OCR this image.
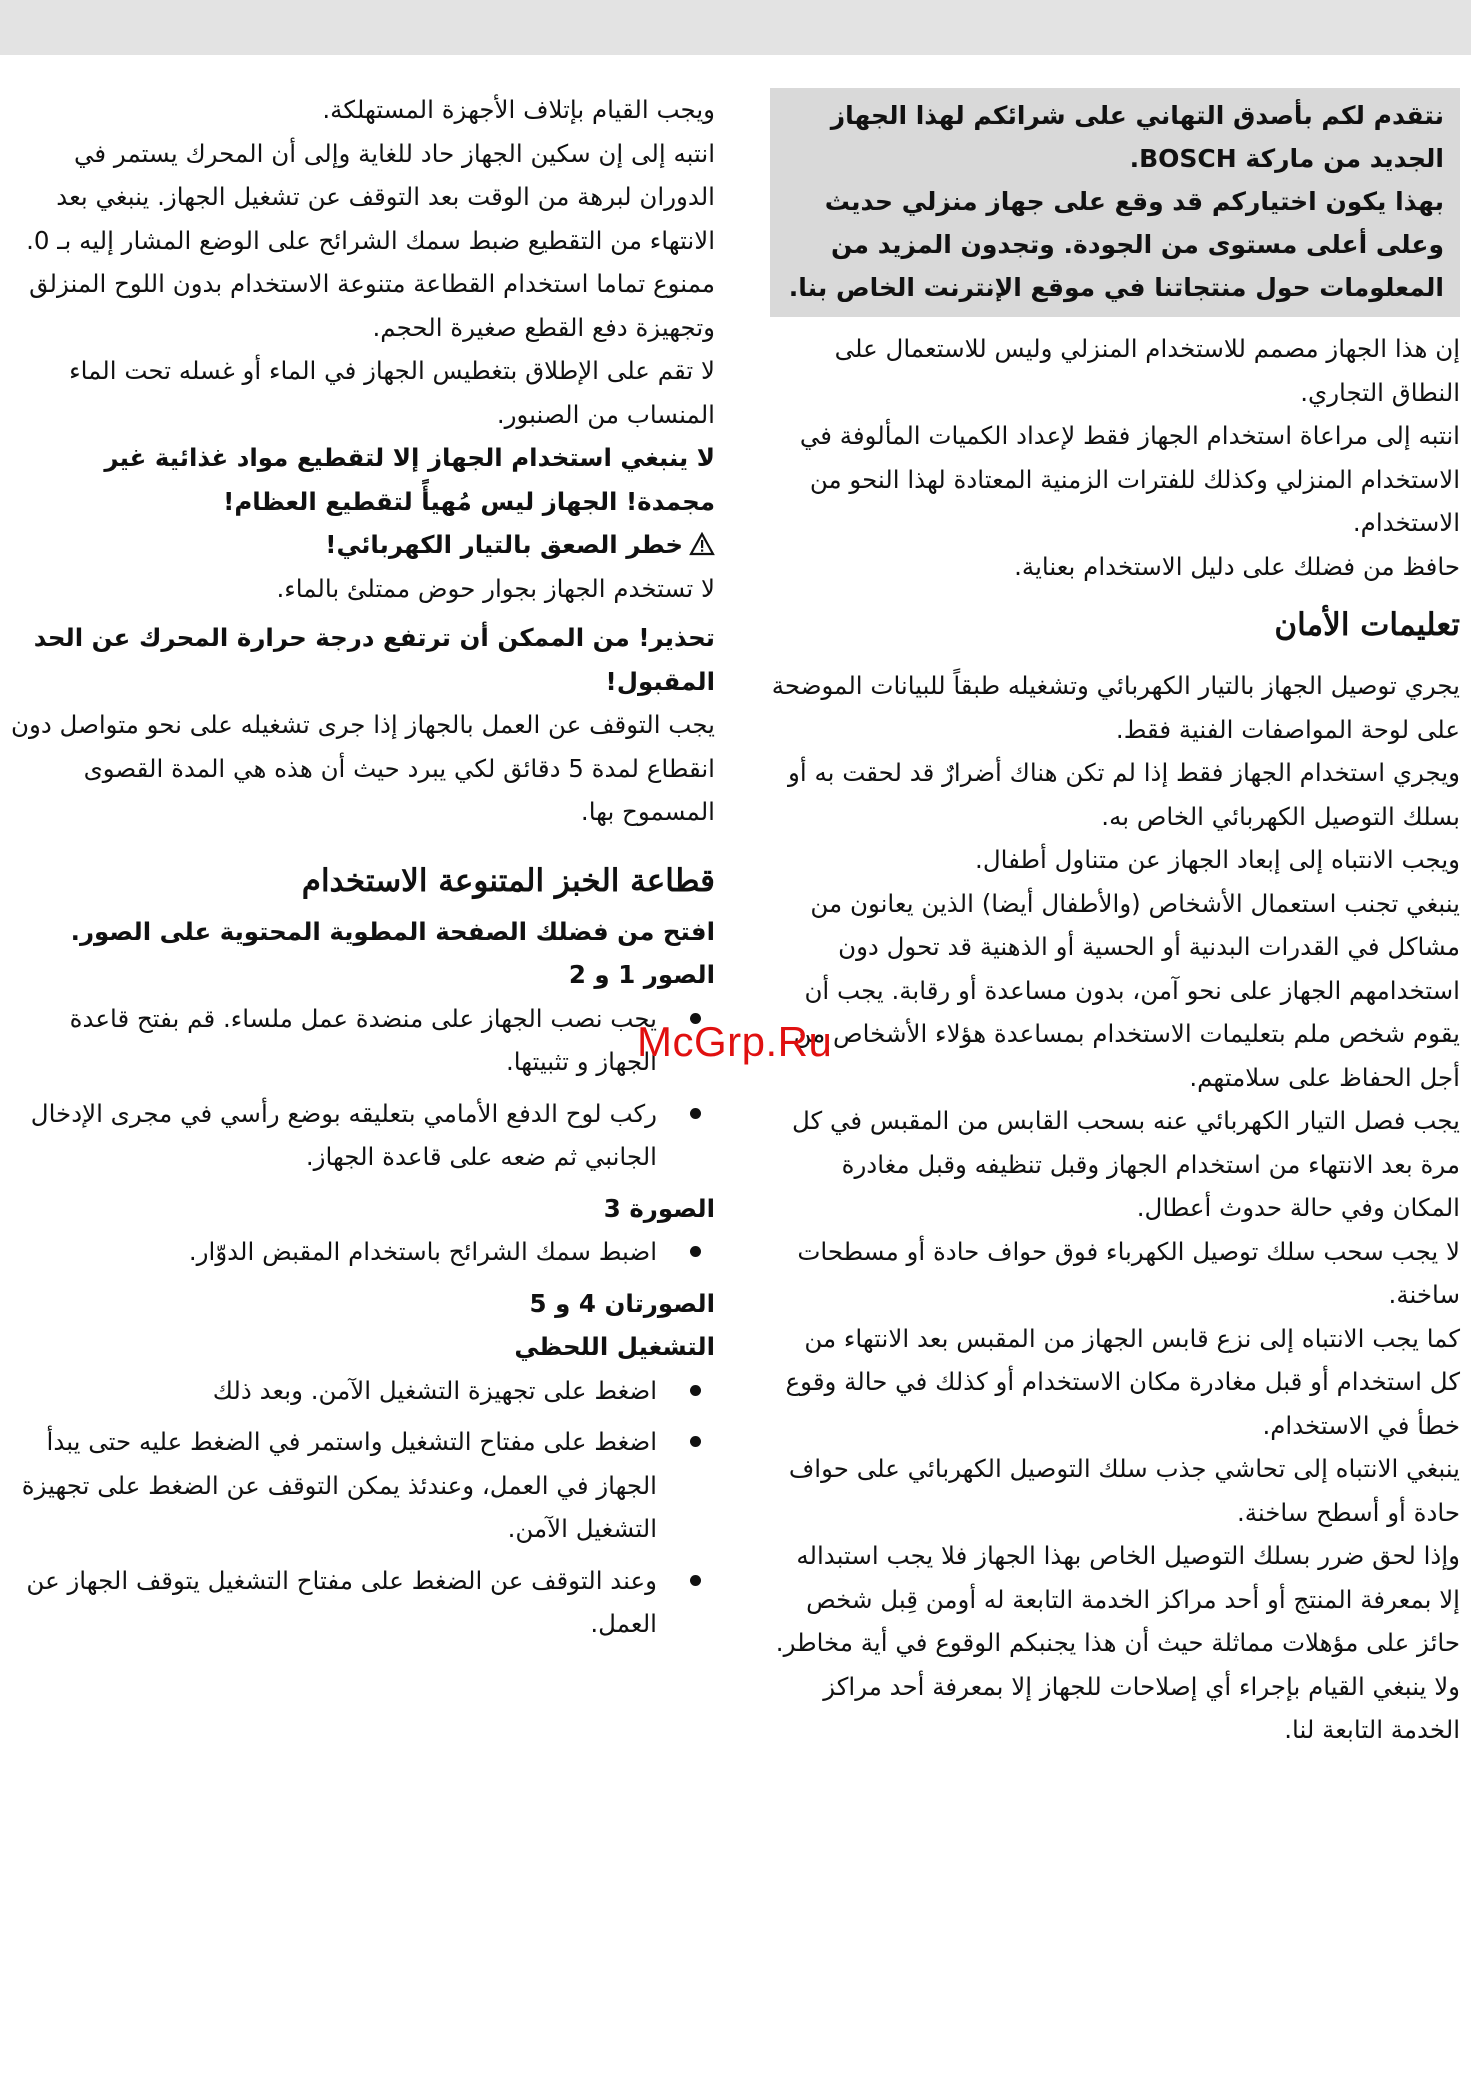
نتقدم لكم بأصدق التهاني على شرائكم لهذا الجهاز الجديد من ماركة BOSCH.

بهذا يكون اختياركم قد وقع على جهاز منزلي حديث وعلى أعلى مستوى من الجودة. وتجدون المزيد من المعلومات حول منتجاتنا في موقع الإنترنت الخاص بنا.

إن هذا الجهاز مصمم للاستخدام المنزلي وليس للاستعمال على النطاق التجاري.

انتبه إلى مراعاة استخدام الجهاز فقط لإعداد الكميات المألوفة في الاستخدام المنزلي وكذلك للفترات الزمنية المعتادة لهذا النحو من الاستخدام.

حافظ من فضلك على دليل الاستخدام بعناية.

تعليمات الأمان

يجري توصيل الجهاز بالتيار الكهربائي وتشغيله طبقاً للبيانات الموضحة على لوحة المواصفات الفنية فقط.

ويجري استخدام الجهاز فقط إذا لم تكن هناك أضرارٌ قد لحقت به أو بسلك التوصيل الكهربائي الخاص به.

ويجب الانتباه إلى إبعاد الجهاز عن متناول أطفال.

ينبغي تجنب استعمال الأشخاص (والأطفال أيضا) الذين يعانون من مشاكل في القدرات البدنية أو الحسية أو الذهنية قد تحول دون استخدامهم الجهاز على نحو آمن، بدون مساعدة أو رقابة. يجب أن يقوم شخص ملم بتعليمات الاستخدام بمساعدة هؤلاء الأشخاص من أجل الحفاظ على سلامتهم.

يجب فصل التيار الكهربائي عنه بسحب القابس من المقبس في كل مرة بعد الانتهاء من استخدام الجهاز وقبل تنظيفه وقبل مغادرة المكان وفي حالة حدوث أعطال.

لا يجب سحب سلك توصيل الكهرباء فوق حواف حادة أو مسطحات ساخنة.

كما يجب الانتباه إلى نزع قابس الجهاز من المقبس بعد الانتهاء من كل استخدام أو قبل مغادرة مكان الاستخدام أو كذلك في حالة وقوع خطأ في الاستخدام.

ينبغي الانتباه إلى تحاشي جذب سلك التوصيل الكهربائي على حواف حادة أو أسطح ساخنة.

وإذا لحق ضرر بسلك التوصيل الخاص بهذا الجهاز فلا يجب استبداله إلا بمعرفة المنتج أو أحد مراكز الخدمة التابعة له أومن قِبل شخص حائز على مؤهلات مماثلة حيث أن هذا يجنبكم الوقوع في أية مخاطر. ولا ينبغي القيام بإجراء أي إصلاحات للجهاز إلا بمعرفة أحد مراكز الخدمة التابعة لنا.

ويجب القيام بإتلاف الأجهزة المستهلكة.

انتبه إلى إن سكين الجهاز حاد للغاية وإلى أن المحرك يستمر في الدوران لبرهة من الوقت بعد التوقف عن تشغيل الجهاز. ينبغي بعد الانتهاء من التقطيع ضبط سمك الشرائح على الوضع المشار إليه بـ 0.

ممنوع تماما استخدام القطاعة متنوعة الاستخدام بدون اللوح المنزلق وتجهيزة دفع القطع صغيرة الحجم.

لا تقم على الإطلاق بتغطيس الجهاز في الماء أو غسله تحت الماء المنساب من الصنبور.

لا ينبغي استخدام الجهاز إلا لتقطيع مواد غذائية غير مجمدة! الجهاز ليس مُهيأً لتقطيع العظام!

خطر الصعق بالتيار الكهربائي!

لا تستخدم الجهاز بجوار حوض ممتلئ بالماء.

تحذير! من الممكن أن ترتفع درجة حرارة المحرك عن الحد المقبول!

يجب التوقف عن العمل بالجهاز إذا جرى تشغيله على نحو متواصل دون انقطاع لمدة 5 دقائق لكي يبرد حيث أن هذه هي المدة القصوى المسموح بها.

قطاعة الخبز المتنوعة الاستخدام

افتح من فضلك الصفحة المطوية المحتوية على الصور.

الصور 1 و 2

يجب نصب الجهاز على منضدة عمل ملساء. قم بفتح قاعدة الجهاز و تثبيتها.
ركب لوح الدفع الأمامي بتعليقه بوضع رأسي في مجرى الإدخال الجانبي ثم ضعه على قاعدة الجهاز.

الصورة 3

اضبط سمك الشرائح باستخدام المقبض الدوّار.

الصورتان 4 و 5

التشغيل اللحظي

اضغط على تجهيزة التشغيل الآمن. وبعد ذلك
اضغط على مفتاح التشغيل واستمر في الضغط عليه حتى يبدأ الجهاز في العمل، وعندئذ يمكن التوقف عن الضغط على تجهيزة التشغيل الآمن.
وعند التوقف عن الضغط على مفتاح التشغيل يتوقف الجهاز عن العمل.
McGrp.Ru
